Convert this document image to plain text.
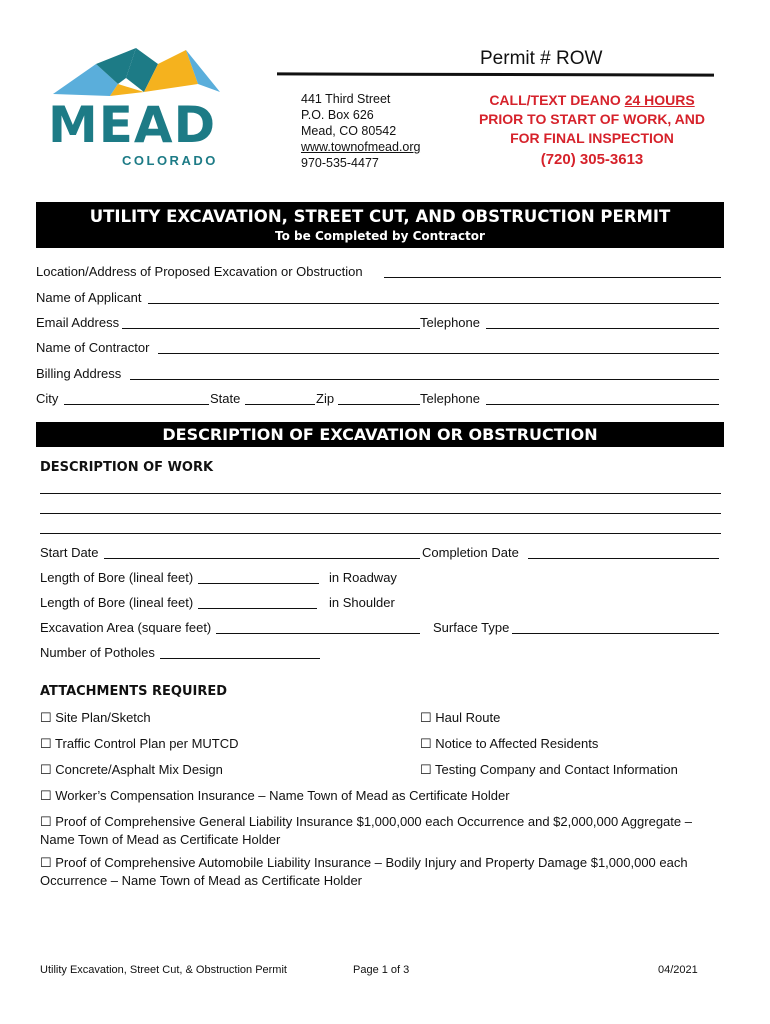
MEAD
COLORADO
Permit # ROW
441 Third Street
P.O. Box 626
Mead, CO 80542
www.townofmead.org
970-535-4477
CALL/TEXT DEANO 24 HOURS
PRIOR TO START OF WORK, AND
FOR FINAL INSPECTION
(720) 305-3613
UTILITY EXCAVATION, STREET CUT, AND OBSTRUCTION PERMIT
To be Completed by Contractor
Location/Address of Proposed Excavation or Obstruction
Name of Applicant
Email Address	Telephone
Name of Contractor
Billing Address
City	State	Zip	Telephone
DESCRIPTION OF EXCAVATION OR OBSTRUCTION
DESCRIPTION OF WORK
Start Date	Completion Date
Length of Bore (lineal feet)	in Roadway
Length of Bore (lineal feet)	in Shoulder
Excavation Area (square feet)	Surface Type
Number of Potholes
ATTACHMENTS REQUIRED
☐ Site Plan/Sketch	☐ Haul Route
☐ Traffic Control Plan per MUTCD	☐ Notice to Affected Residents
☐ Concrete/Asphalt Mix Design	☐ Testing Company and Contact Information
☐ Worker’s Compensation Insurance – Name Town of Mead as Certificate Holder
☐ Proof of Comprehensive General Liability Insurance $1,000,000 each Occurrence and $2,000,000 Aggregate – Name Town of Mead as Certificate Holder
☐ Proof of Comprehensive Automobile Liability Insurance – Bodily Injury and Property Damage $1,000,000 each Occurrence – Name Town of Mead as Certificate Holder
Utility Excavation, Street Cut, & Obstruction Permit	Page 1 of 3	04/2021
